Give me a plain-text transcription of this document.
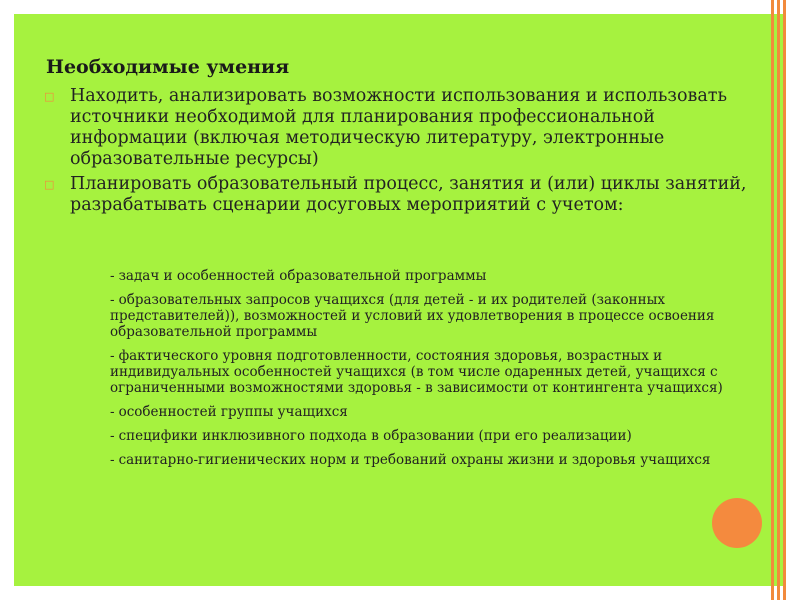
Необходимые умения
□ Находить, анализировать возможности использования и использовать источники необходимой для планирования профессиональной информации (включая методическую литературу, электронные образовательные ресурсы)
□ Планировать образовательный процесс, занятия и (или) циклы занятий, разрабатывать сценарии досуговых мероприятий с учетом:
- задач и особенностей образовательной программы
- образовательных запросов учащихся (для детей - и их родителей (законных представителей)), возможностей и условий их удовлетворения в процессе освоения образовательной программы
- фактического уровня подготовленности, состояния здоровья, возрастных и индивидуальных особенностей учащихся (в том числе одаренных детей, учащихся с ограниченными возможностями здоровья - в зависимости от контингента учащихся)
- особенностей группы учащихся
- специфики инклюзивного подхода в образовании (при его реализации)
- санитарно-гигиенических норм и требований охраны жизни и здоровья учащихся
